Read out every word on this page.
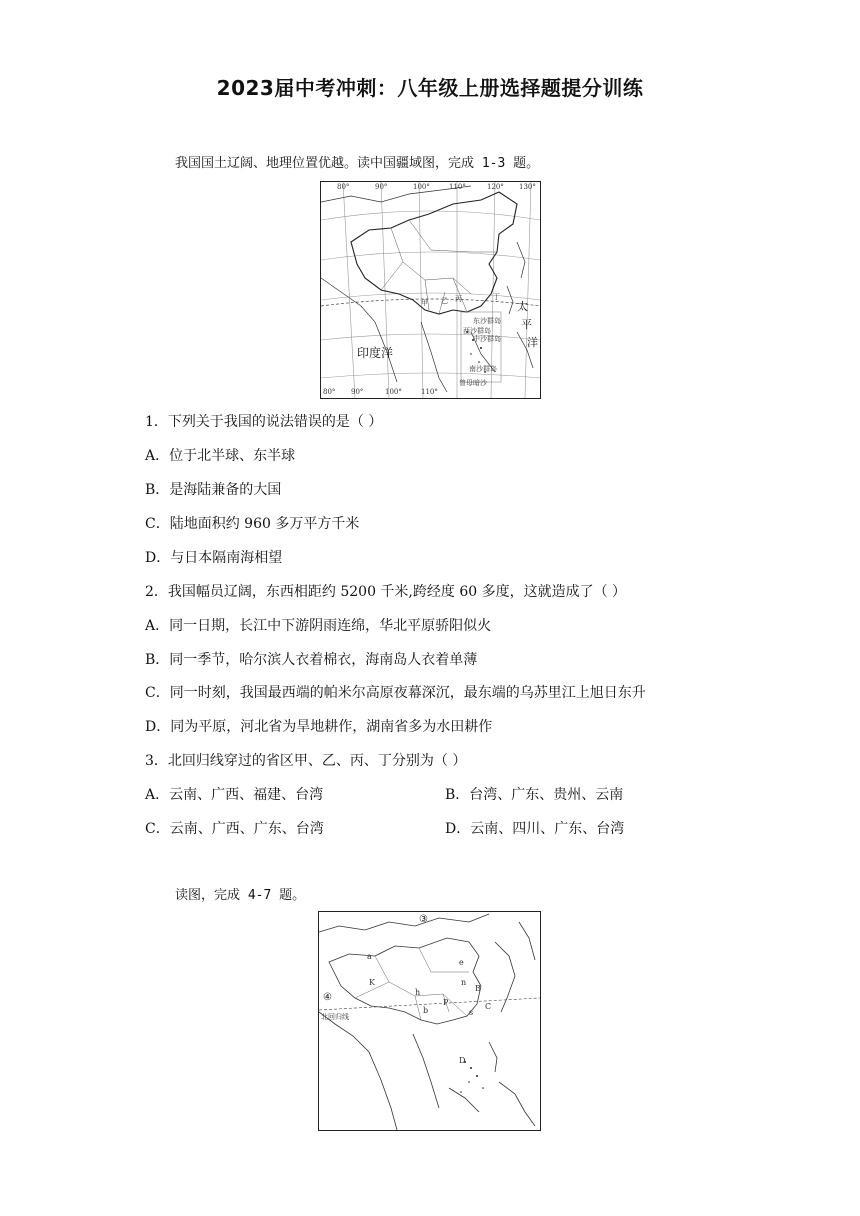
2023届中考冲刺：八年级上册选择题提分训练
我国国土辽阔、地理位置优越。读中国疆域图，完成 1-3 题。
80°	90°	100°	110°	120° 130°
80° 90°	100°	110°
印度洋
太
平
洋
甲 乙 丙	丁
东沙群岛
西沙群岛
中沙群岛
南沙群岛
曾母暗沙
1．下列关于我国的说法错误的是（ ）
A．位于北半球、东半球
B．是海陆兼备的大国
C．陆地面积约 960 多万平方千米
D．与日本隔南海相望
2．我国幅员辽阔，东西相距约 5200 千米,跨经度 60 多度，这就造成了（ ）
A．同一日期，长江中下游阴雨连绵，华北平原骄阳似火
B．同一季节，哈尔滨人衣着棉衣，海南岛人衣着单薄
C．同一时刻，我国最西端的帕米尔高原夜幕深沉，最东端的乌苏里江上旭日东升
D．同为平原，河北省为旱地耕作，湖南省多为水田耕作
3．北回归线穿过的省区甲、乙、丙、丁分别为（ ）
A．云南、广西、福建、台湾	B．台湾、广东、贵州、云南
C．云南、广西、广东、台湾	D．云南、四川、广东、台湾
读图，完成 4-7 题。
③
④
a
e
K
h
b
P	C
D
n
B
s
北回归线
